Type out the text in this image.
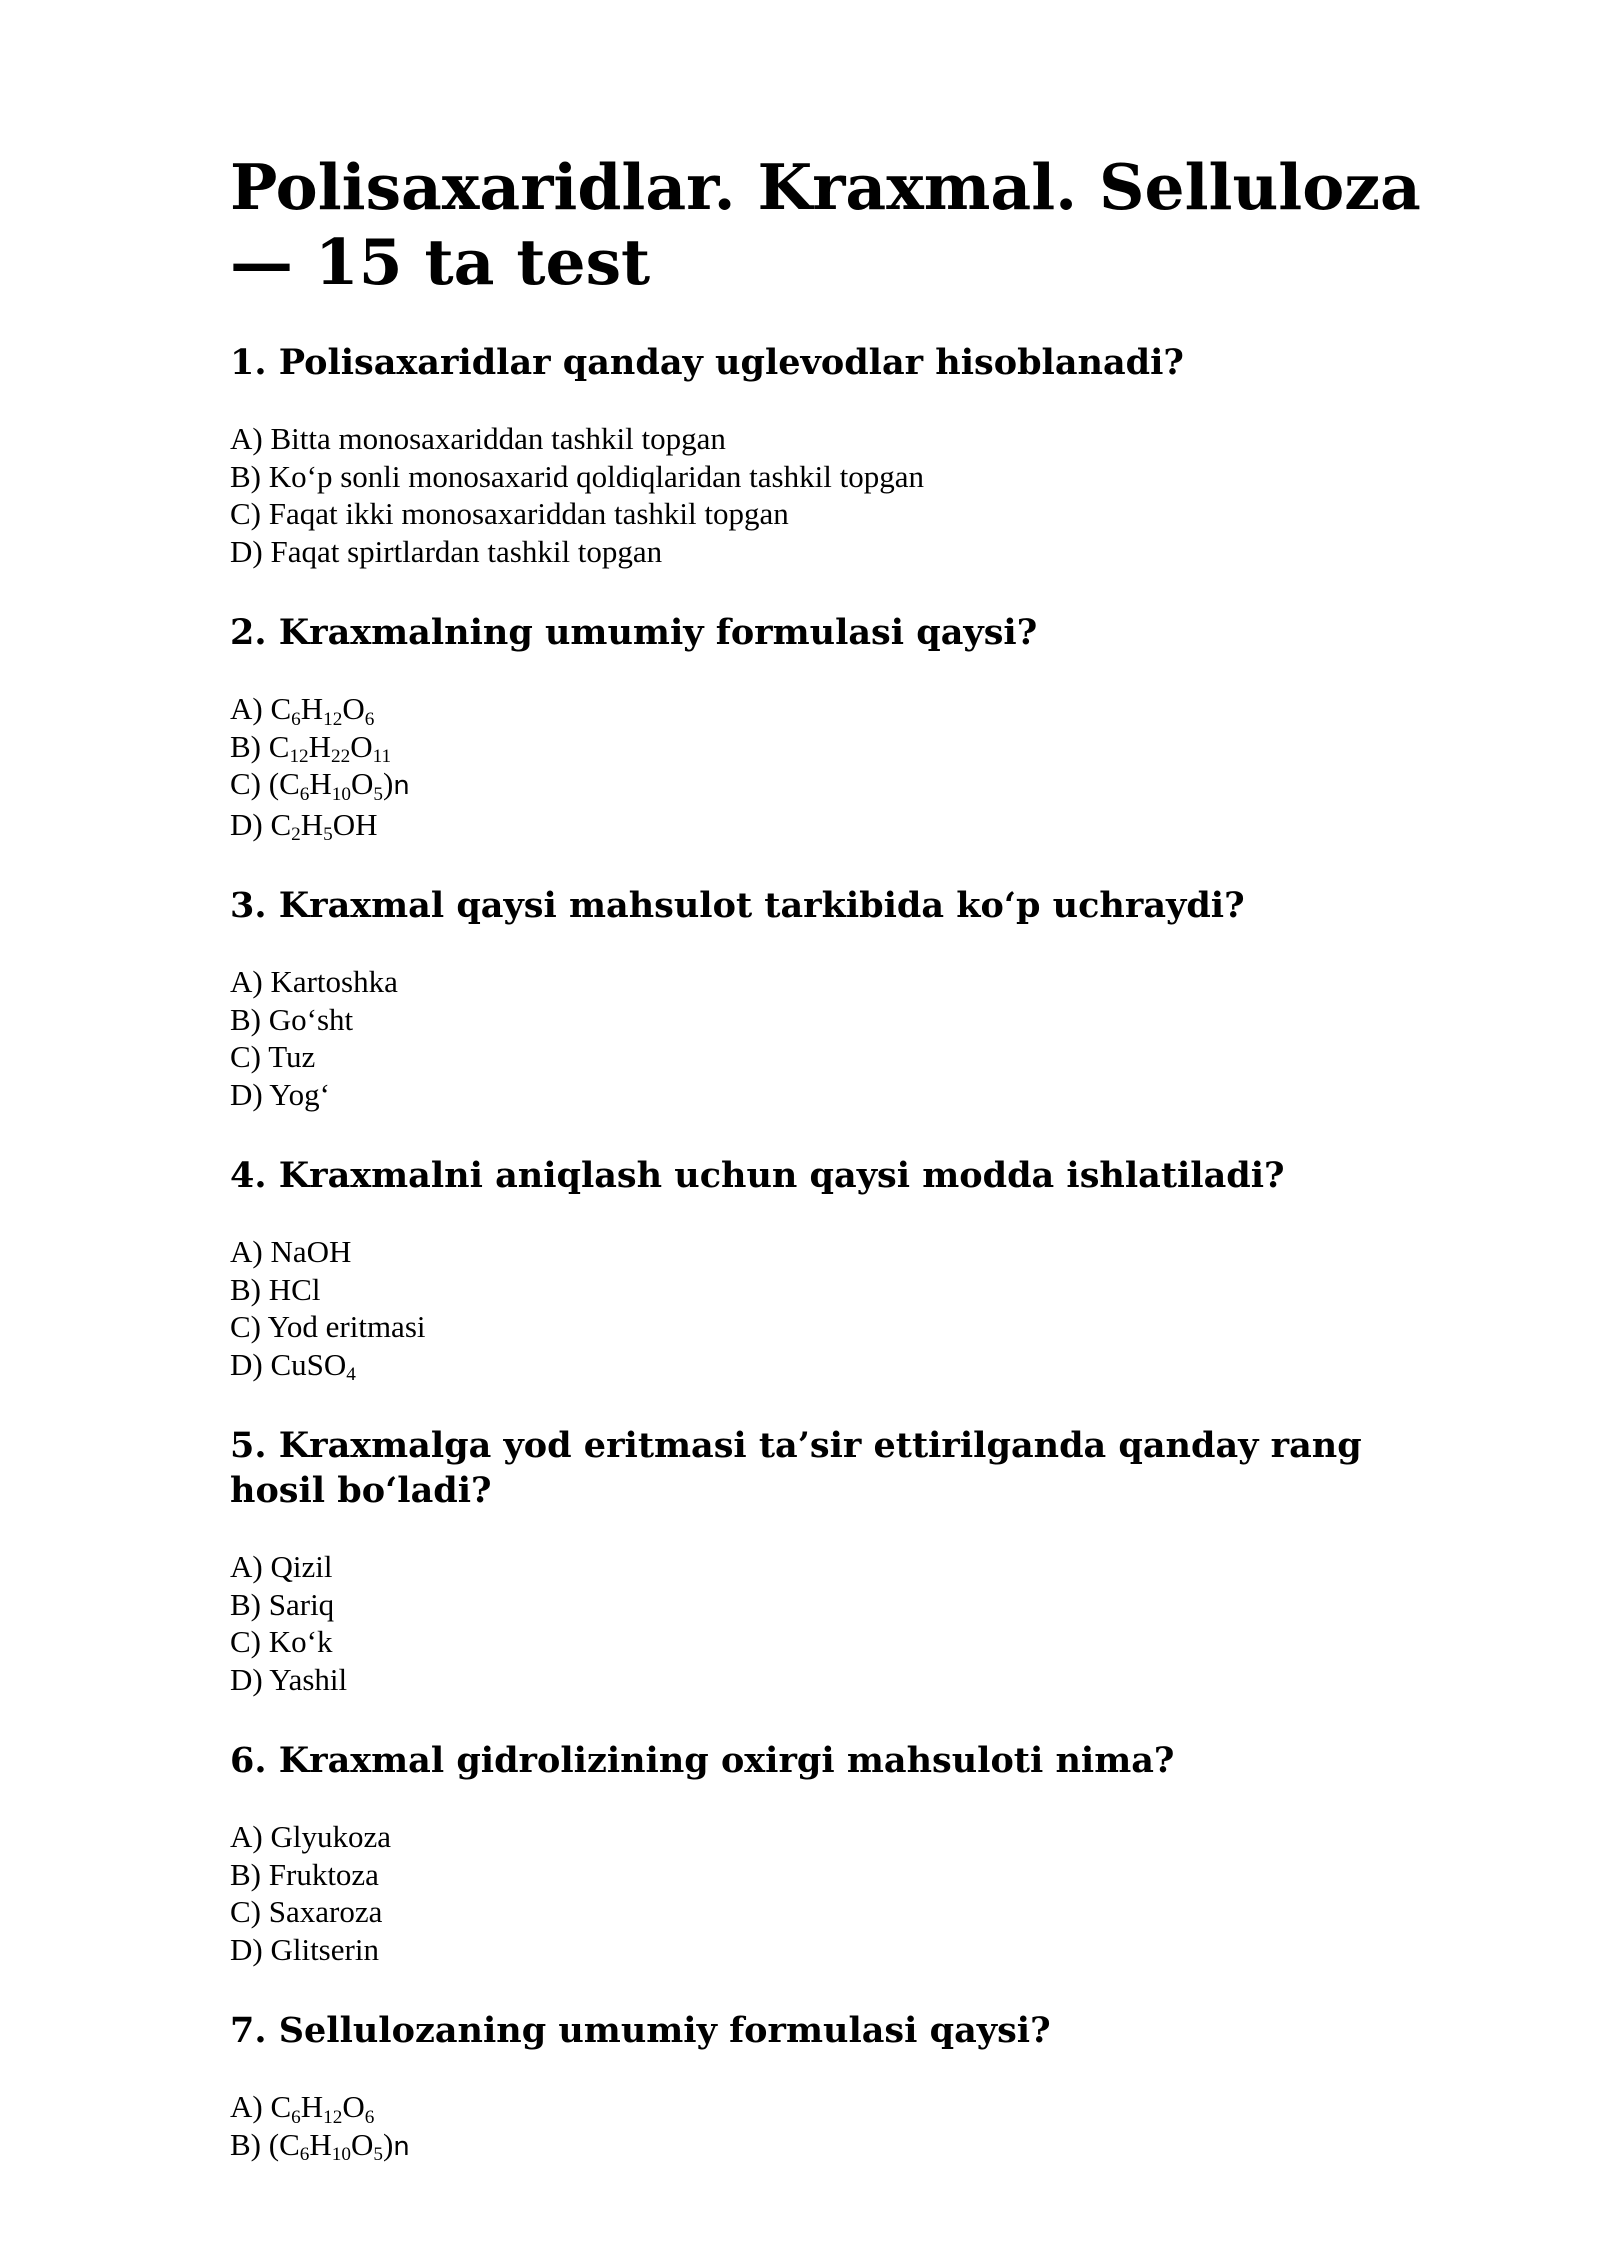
Polisaxaridlar. Kraxmal. Selluloza — 15 ta test
1. Polisaxaridlar qanday uglevodlar hisoblanadi?
A) Bitta monosaxariddan tashkil topgan
B) Ko‘p sonli monosaxarid qoldiqlaridan tashkil topgan
C) Faqat ikki monosaxariddan tashkil topgan
D) Faqat spirtlardan tashkil topgan
2. Kraxmalning umumiy formulasi qaysi?
A) $C_6H_{12}O_6$
B) $C_{12}H_{22}O_{11}$
C) $(C_6H_{10}O_5)n$
D) $C_2H_5OH$
3. Kraxmal qaysi mahsulot tarkibida ko‘p uchraydi?
A) Kartoshka
B) Go‘sht
C) Tuz
D) Yog‘
4. Kraxmalni aniqlash uchun qaysi modda ishlatiladi?
A) NaOH
B) HCl
C) Yod eritmasi
D) CuSO$_4$
5. Kraxmalga yod eritmasi ta’sir ettirilganda qanday rang hosil bo‘ladi?
A) Qizil
B) Sariq
C) Ko‘k
D) Yashil
6. Kraxmal gidrolizining oxirgi mahsuloti nima?
A) Glyukoza
B) Fruktoza
C) Saxaroza
D) Glitserin
7. Sellulozaning umumiy formulasi qaysi?
A) $C_6H_{12}O_6$
B) $(C_6H_{10}O_5)n$
